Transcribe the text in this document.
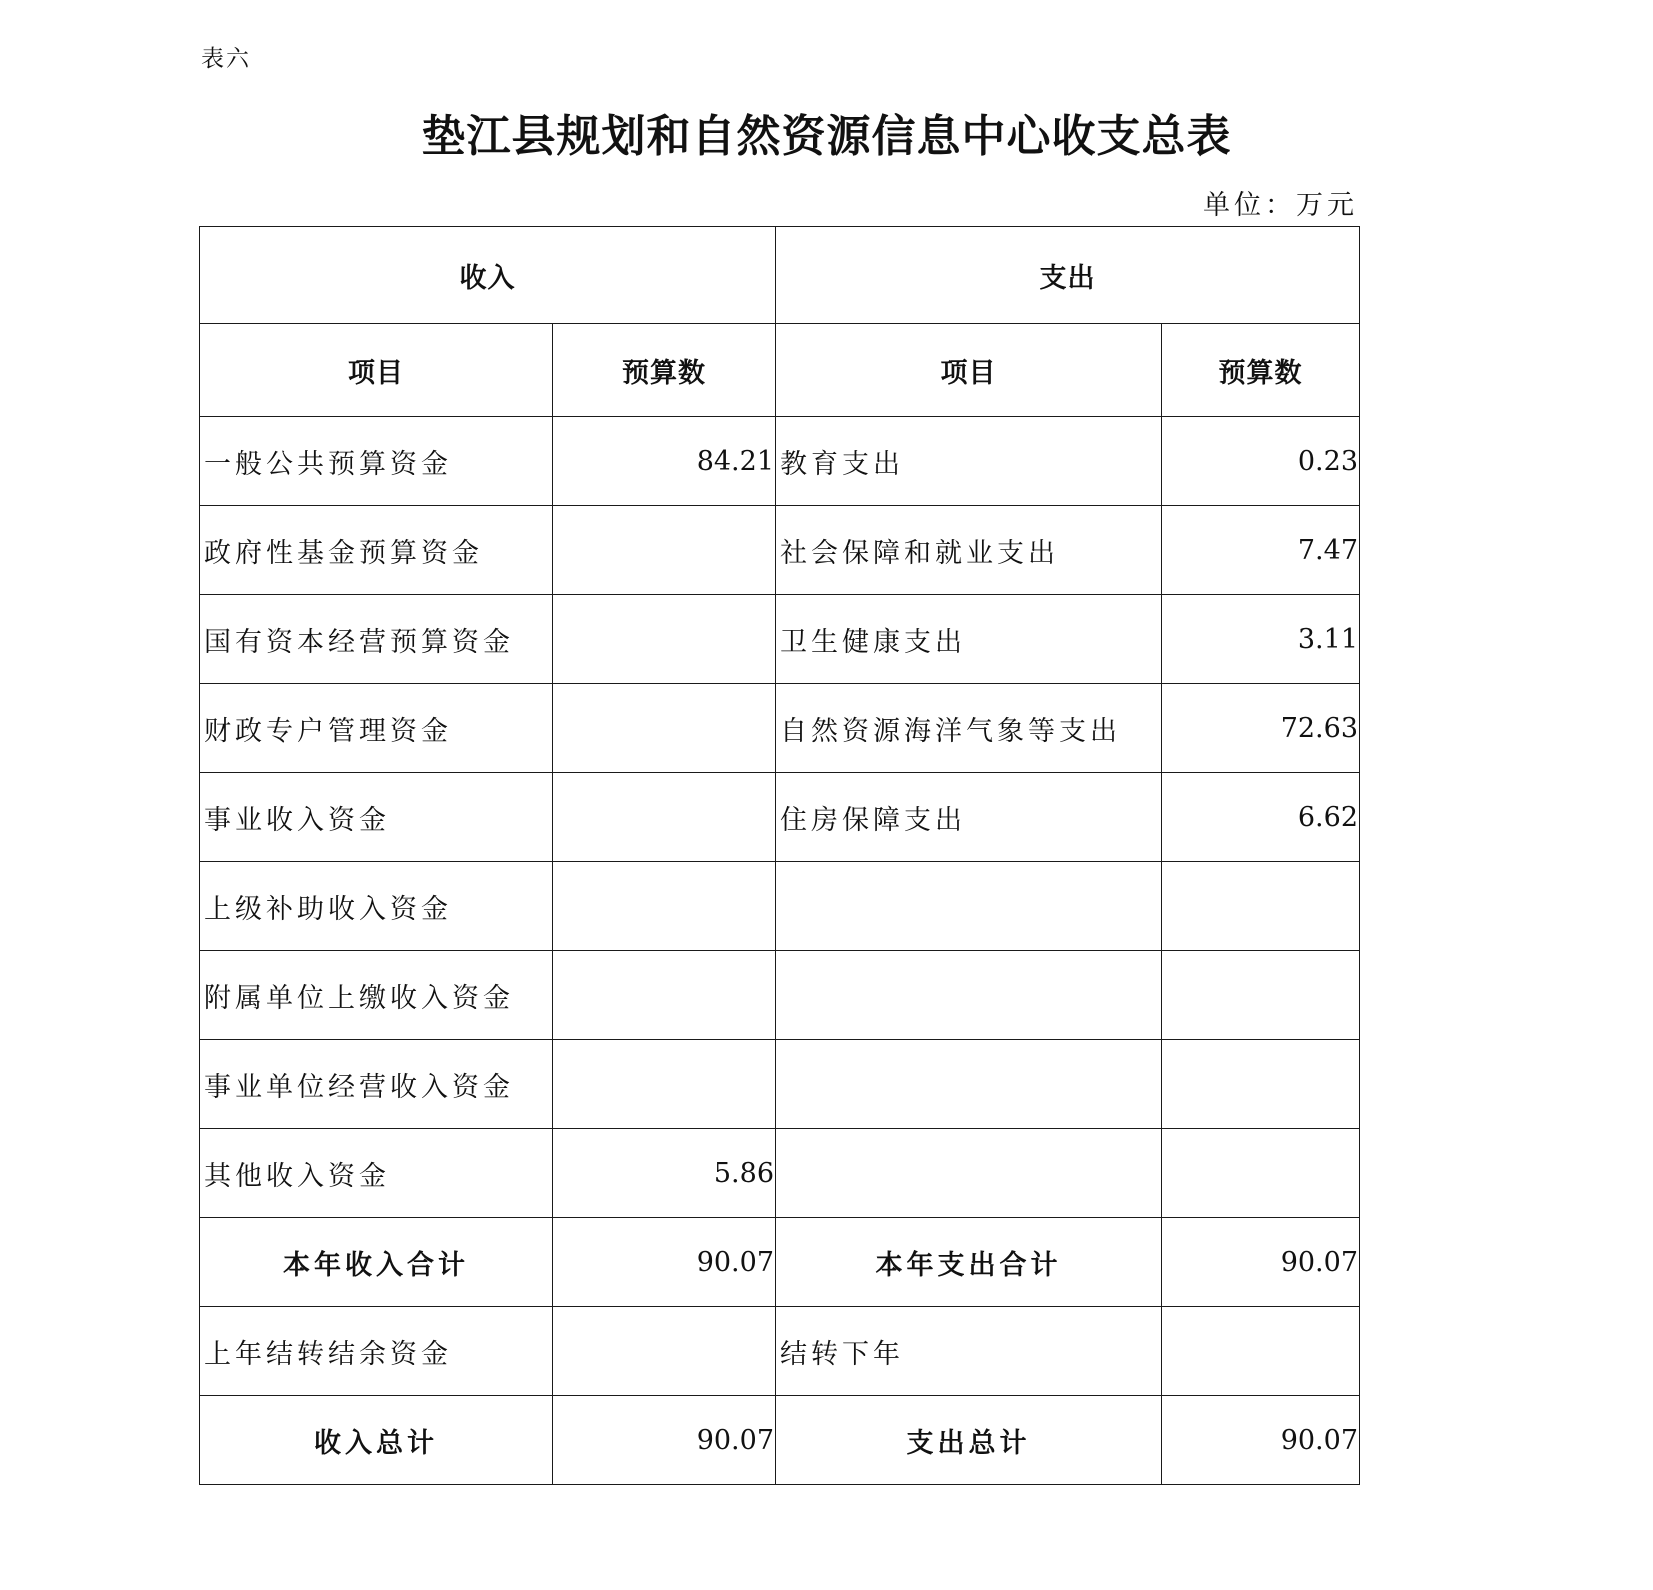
表六
垫江县规划和自然资源信息中心收支总表
单位：万元
收入		支出	
项目	预算数	项目	预算数
一般公共预算资金	84.21	教育支出	0.23
政府性基金预算资金		社会保障和就业支出	7.47
国有资本经营预算资金		卫生健康支出	3.11
财政专户管理资金		自然资源海洋气象等支出	72.63
事业收入资金		住房保障支出	6.62
上级补助收入资金			
附属单位上缴收入资金			
事业单位经营收入资金			
其他收入资金	5.86		
本年收入合计	90.07	本年支出合计	90.07
上年结转结余资金		结转下年	
收入总计	90.07	支出总计	90.07
